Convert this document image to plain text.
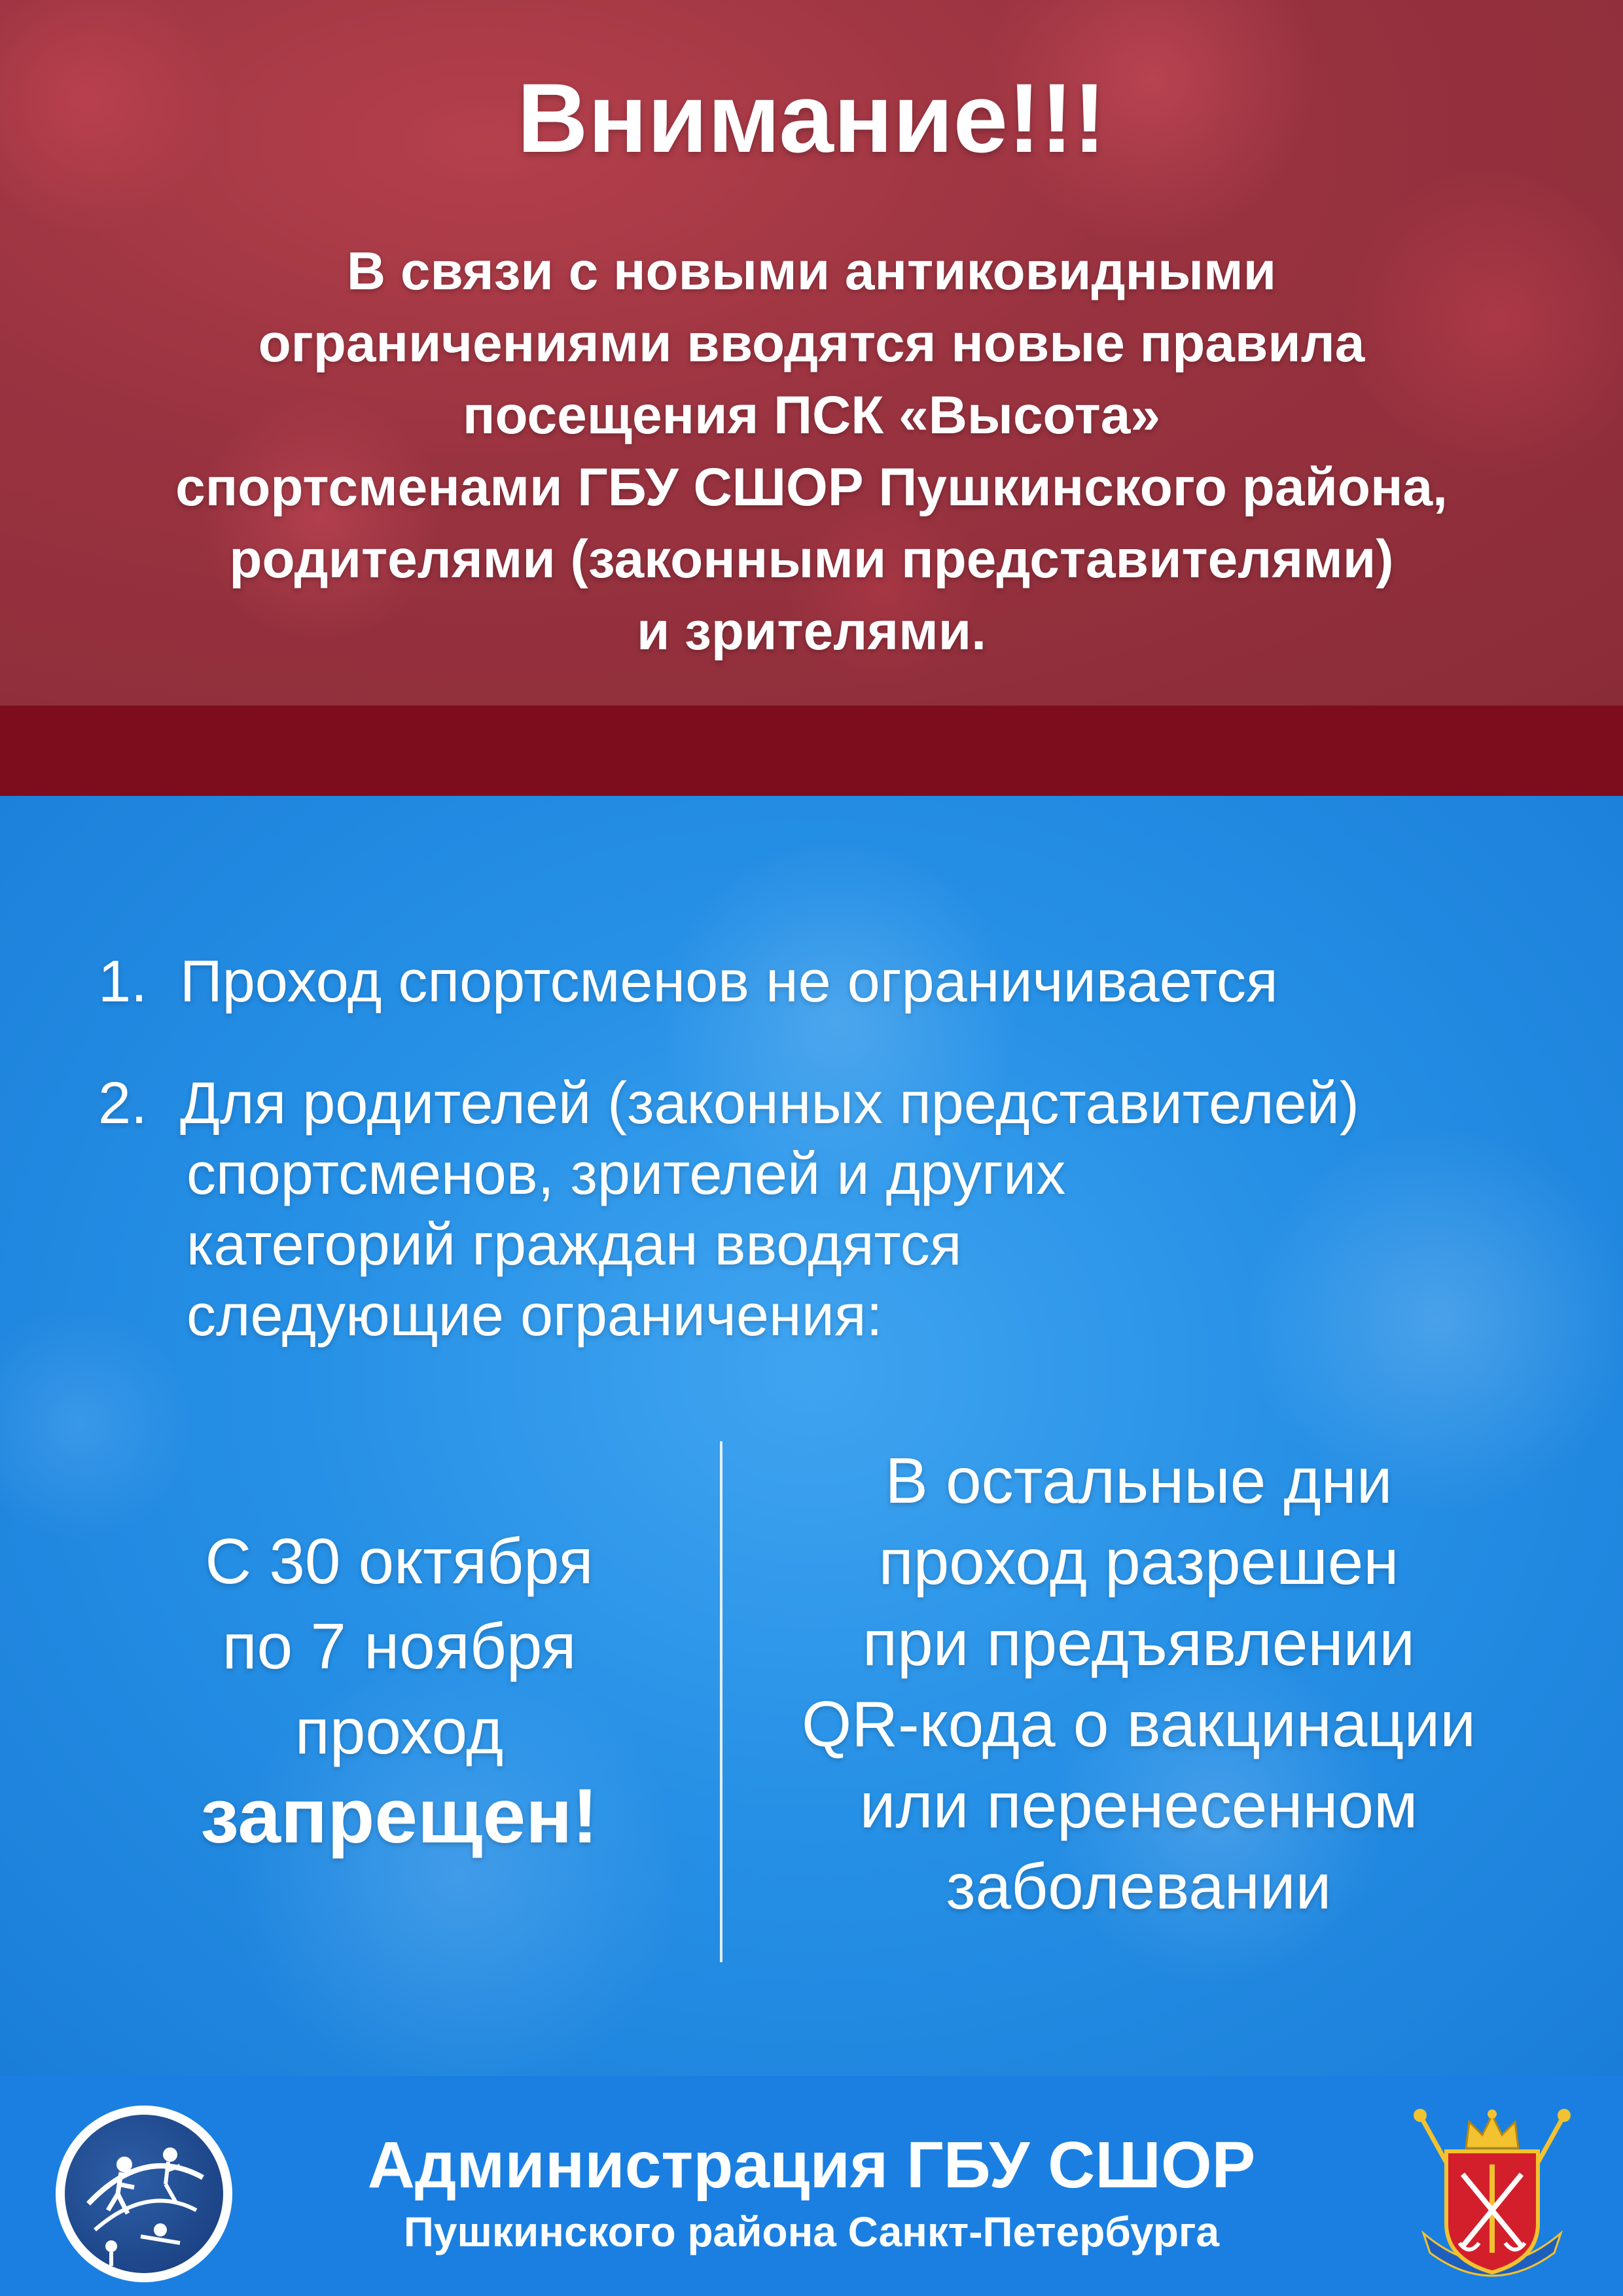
Внимание!!!

В связи с новыми антиковидными
ограничениями вводятся новые правила
посещения ПСК «Высота»
спортсменами ГБУ СШОР Пушкинского района,
родителями (законными представителями)
и зрителями.

1. Проход спортсменов не ограничивается
2. Для родителей (законных представителей)
спортсменов, зрителей и других
категорий граждан вводятся
следующие ограничения:
С 30 октября
по 7 ноября
проход
запрещен!
В остальные дни
проход разрешен
при предъявлении
QR-кода о вакцинации
или перенесенном
заболевании

Администрация ГБУ СШОР

Пушкинского района Санкт-Петербурга
